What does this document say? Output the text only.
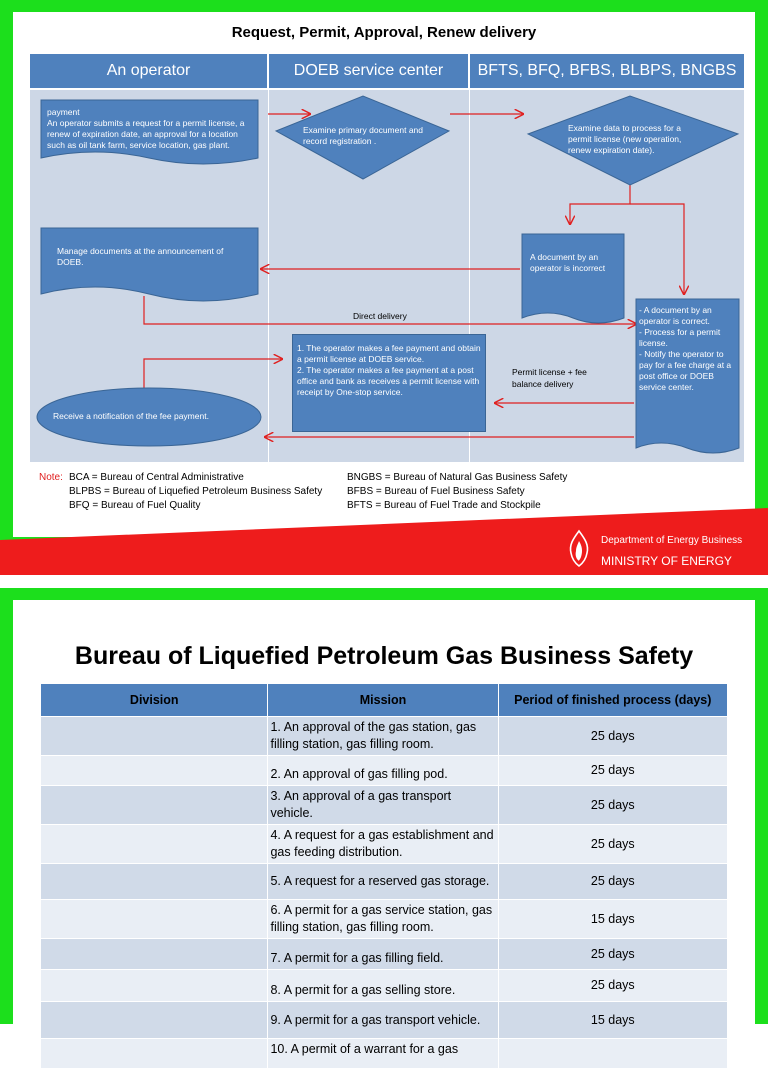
Request, Permit, Approval, Renew delivery
An operator	DOEB service center	BFTS, BFQ, BFBS, BLBPS, BNGBS
payment
An operator submits a request for a permit license, a renew of expiration date, an approval for a location such as oil tank farm, service location, gas plant.
Examine primary document and record registration .
Examine data to process for a permit license (new operation, renew expiration date).
Manage documents at the announcement of DOEB.	A document by an operator is incorrect
- A document by an operator is correct.
- Process for a permit license.
- Notify the operator to pay for a fee charge at a post office or DOEB service center.
1. The operator makes a fee payment and obtain a permit license at DOEB service.
2. The operator makes a fee payment at a post office and bank as receives a permit license with receipt by One-stop service.
Receive a notification of the fee payment.
Direct delivery
Permit license + fee balance delivery
Note: BCA = Bureau of Central Administrative
BLPBS = Bureau of Liquefied Petroleum Business Safety
BFQ = Bureau of Fuel Quality
BNGBS = Bureau of Natural Gas Business Safety
BFBS = Bureau of Fuel Business Safety
BFTS = Bureau of Fuel Trade and Stockpile
Department of Energy Business
MINISTRY OF ENERGY
Bureau of Liquefied Petroleum Gas Business Safety
Division	Mission	Period of finished process (days)
	1. An approval of the gas station, gas filling station, gas filling room.	25 days
	2. An approval of gas filling pod.	25 days
	3. An approval of a gas transport vehicle.	25 days
	4. A request for a gas establishment and gas feeding distribution.	25 days
	5. A request for a reserved gas storage.	25 days
	6. A permit for a gas service station, gas filling station, gas filling room.	15 days
	7. A permit for a gas filling field.	25 days
	8. A permit for a gas selling store.	25 days
	9. A permit for a gas transport vehicle.	15 days
	10. A permit of a warrant for a gas	
